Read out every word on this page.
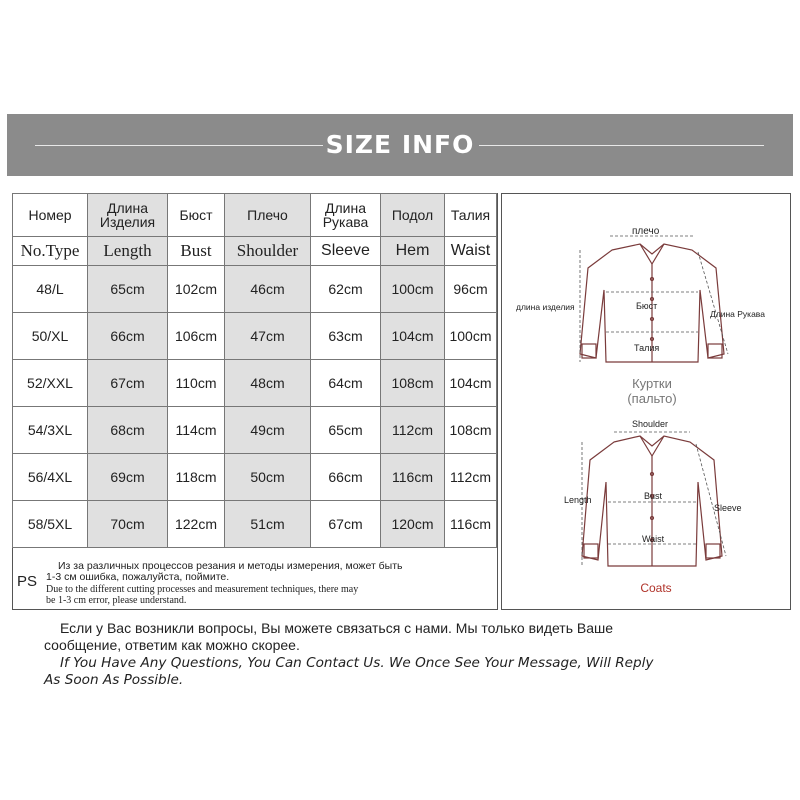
SIZE INFO
Номер	Длина Изделия	Бюст	Плечо	Длина Рукава	Подол	Талия
No.Type	Length	Bust	Shoulder	Sleeve	Hem	Waist
48/L	65cm	102cm	46cm	62cm	100cm	96cm
50/XL	66cm	106cm	47cm	63cm	104cm	100cm
52/XXL	67cm	110cm	48cm	64cm	108cm	104cm
54/3XL	68cm	114cm	49cm	65cm	112cm	108cm
56/4XL	69cm	118cm	50cm	66cm	116cm	112cm
58/5XL	70cm	122cm	51cm	67cm	120cm	116cm
PS
Из за различных процессов резания и методы измерения, может быть
1-3 см ошибка, пожалуйста, поймите.
Due to the different cutting processes and measurement techniques, there may
be 1-3 cm error, please understand.
плечо
длина изделия	Бюст
Длина Рукава
Талия
Куртки
(пальто)
Shoulder
Length	Bust
Sleeve
Waist
Coats
Если у Вас возникли вопросы, Вы можете связаться с нами. Мы только видеть Ваше
сообщение, ответим как можно скорее.
If You Have Any Questions, You Can Contact Us. We Once See Your Message, Will Reply
As Soon As Possible.
